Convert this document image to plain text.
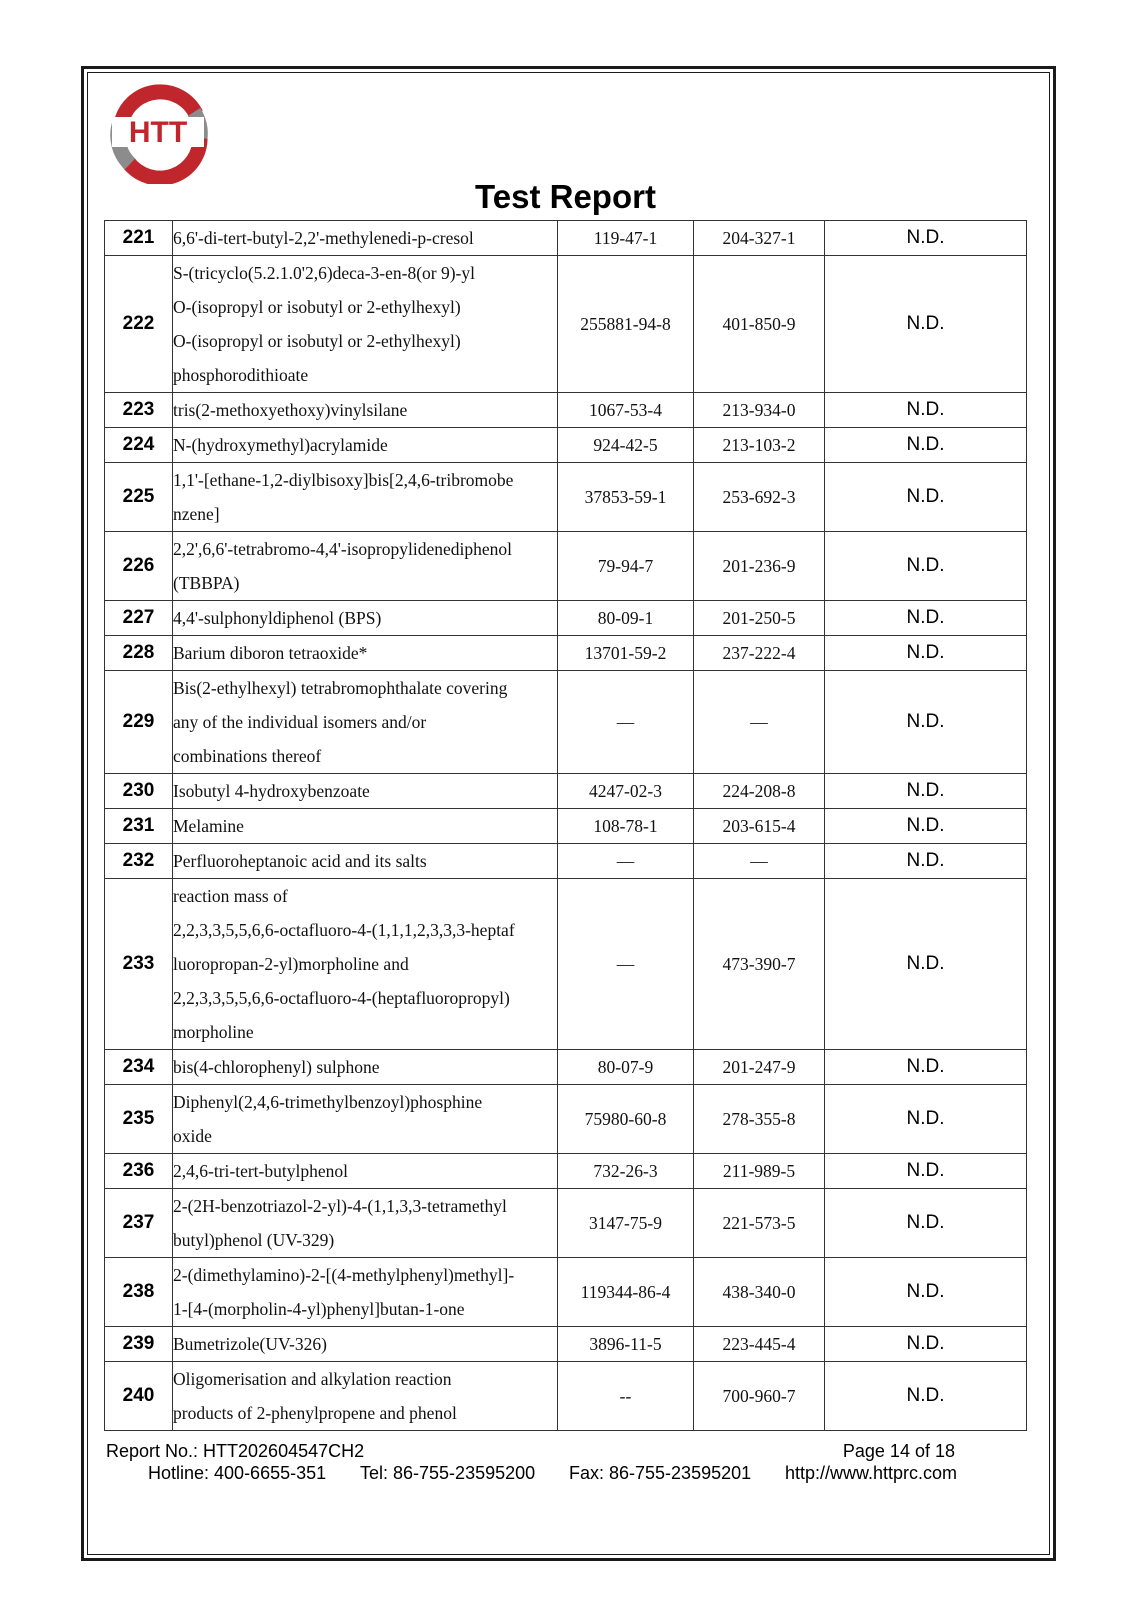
HTT
Test Report
221	6,6'-di-tert-butyl-2,2'-methylenedi-p-cresol	119-47-1	204-327-1	N.D.
222	S-(tricyclo(5.2.1.0'2,6)deca-3-en-8(or 9)-yl
O-(isopropyl or isobutyl or 2-ethylhexyl)
O-(isopropyl or isobutyl or 2-ethylhexyl)
phosphorodithioate	255881-94-8	401-850-9	N.D.
223	tris(2-methoxyethoxy)vinylsilane	1067-53-4	213-934-0	N.D.
224	N-(hydroxymethyl)acrylamide	924-42-5	213-103-2	N.D.
225	1,1'-[ethane-1,2-diylbisoxy]bis[2,4,6-tribromobe
nzene]	37853-59-1	253-692-3	N.D.
226	2,2',6,6'-tetrabromo-4,4'-isopropylidenediphenol
(TBBPA)	79-94-7	201-236-9	N.D.
227	4,4'-sulphonyldiphenol (BPS)	80-09-1	201-250-5	N.D.
228	Barium diboron tetraoxide*	13701-59-2	237-222-4	N.D.
229	Bis(2-ethylhexyl) tetrabromophthalate covering
any of the individual isomers and/or
combinations thereof	—	—	N.D.
230	Isobutyl 4-hydroxybenzoate	4247-02-3	224-208-8	N.D.
231	Melamine	108-78-1	203-615-4	N.D.
232	Perfluoroheptanoic acid and its salts	—	—	N.D.
233	reaction mass of
2,2,3,3,5,5,6,6-octafluoro-4-(1,1,1,2,3,3,3-heptaf
luoropropan-2-yl)morpholine and
2,2,3,3,5,5,6,6-octafluoro-4-(heptafluoropropyl)
morpholine	—	473-390-7	N.D.
234	bis(4-chlorophenyl) sulphone	80-07-9	201-247-9	N.D.
235	Diphenyl(2,4,6-trimethylbenzoyl)phosphine
oxide	75980-60-8	278-355-8	N.D.
236	2,4,6-tri-tert-butylphenol	732-26-3	211-989-5	N.D.
237	2-(2H-benzotriazol-2-yl)-4-(1,1,3,3-tetramethyl
butyl)phenol (UV-329)	3147-75-9	221-573-5	N.D.
238	2-(dimethylamino)-2-[(4-methylphenyl)methyl]-
1-[4-(morpholin-4-yl)phenyl]butan-1-one	119344-86-4	438-340-0	N.D.
239	Bumetrizole(UV-326)	3896-11-5	223-445-4	N.D.
240	Oligomerisation and alkylation reaction
products of 2-phenylpropene and phenol	--	700-960-7	N.D.
Report No.: HTT202604547CH2	Page 14 of 18
Hotline: 400-6655-351 Tel: 86-755-23595200 Fax: 86-755-23595201 http://www.httprc.com
